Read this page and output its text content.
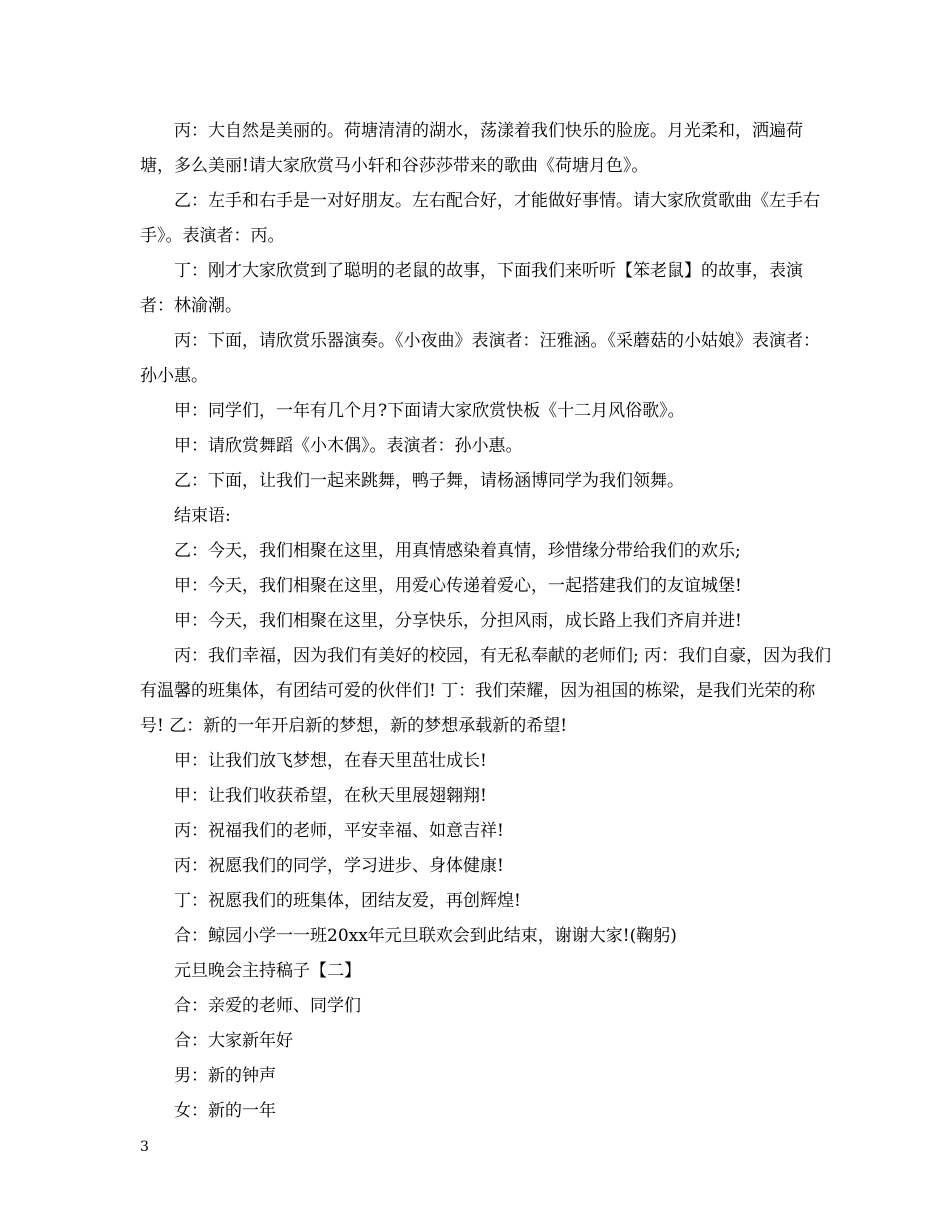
丙：大自然是美丽的。荷塘清清的湖水，荡漾着我们快乐的脸庞。月光柔和，洒遍荷塘，多么美丽!请大家欣赏马小轩和谷莎莎带来的歌曲《荷塘月色》。

乙：左手和右手是一对好朋友。左右配合好，才能做好事情。请大家欣赏歌曲《左手右手》。表演者：丙。

丁：刚才大家欣赏到了聪明的老鼠的故事，下面我们来听听【笨老鼠】的故事，表演者：林渝潮。

丙：下面，请欣赏乐器演奏。《小夜曲》表演者：汪雅涵。《采蘑菇的小姑娘》表演者：孙小惠。

甲：同学们，一年有几个月?下面请大家欣赏快板《十二月风俗歌》。

甲：请欣赏舞蹈《小木偶》。表演者：孙小惠。

乙：下面，让我们一起来跳舞，鸭子舞，请杨涵博同学为我们领舞。

结束语:

乙：今天，我们相聚在这里，用真情感染着真情，珍惜缘分带给我们的欢乐;

甲：今天，我们相聚在这里，用爱心传递着爱心，一起搭建我们的友谊城堡!

甲：今天，我们相聚在这里，分享快乐，分担风雨，成长路上我们齐肩并进!

丙：我们幸福，因为我们有美好的校园，有无私奉献的老师们; 丙：我们自豪，因为我们有温馨的班集体，有团结可爱的伙伴们! 丁：我们荣耀，因为祖国的栋梁，是我们光荣的称号! 乙：新的一年开启新的梦想，新的梦想承载新的希望!

甲：让我们放飞梦想，在春天里茁壮成长!

甲：让我们收获希望，在秋天里展翅翱翔!

丙：祝福我们的老师，平安幸福、如意吉祥!

丙：祝愿我们的同学，学习进步、身体健康!

丁：祝愿我们的班集体，团结友爱，再创辉煌!

合：鲸园小学一一班20xx年元旦联欢会到此结束，谢谢大家!(鞠躬)

元旦晚会主持稿子【二】

合：亲爱的老师、同学们

合：大家新年好

男：新的钟声

女：新的一年

3
